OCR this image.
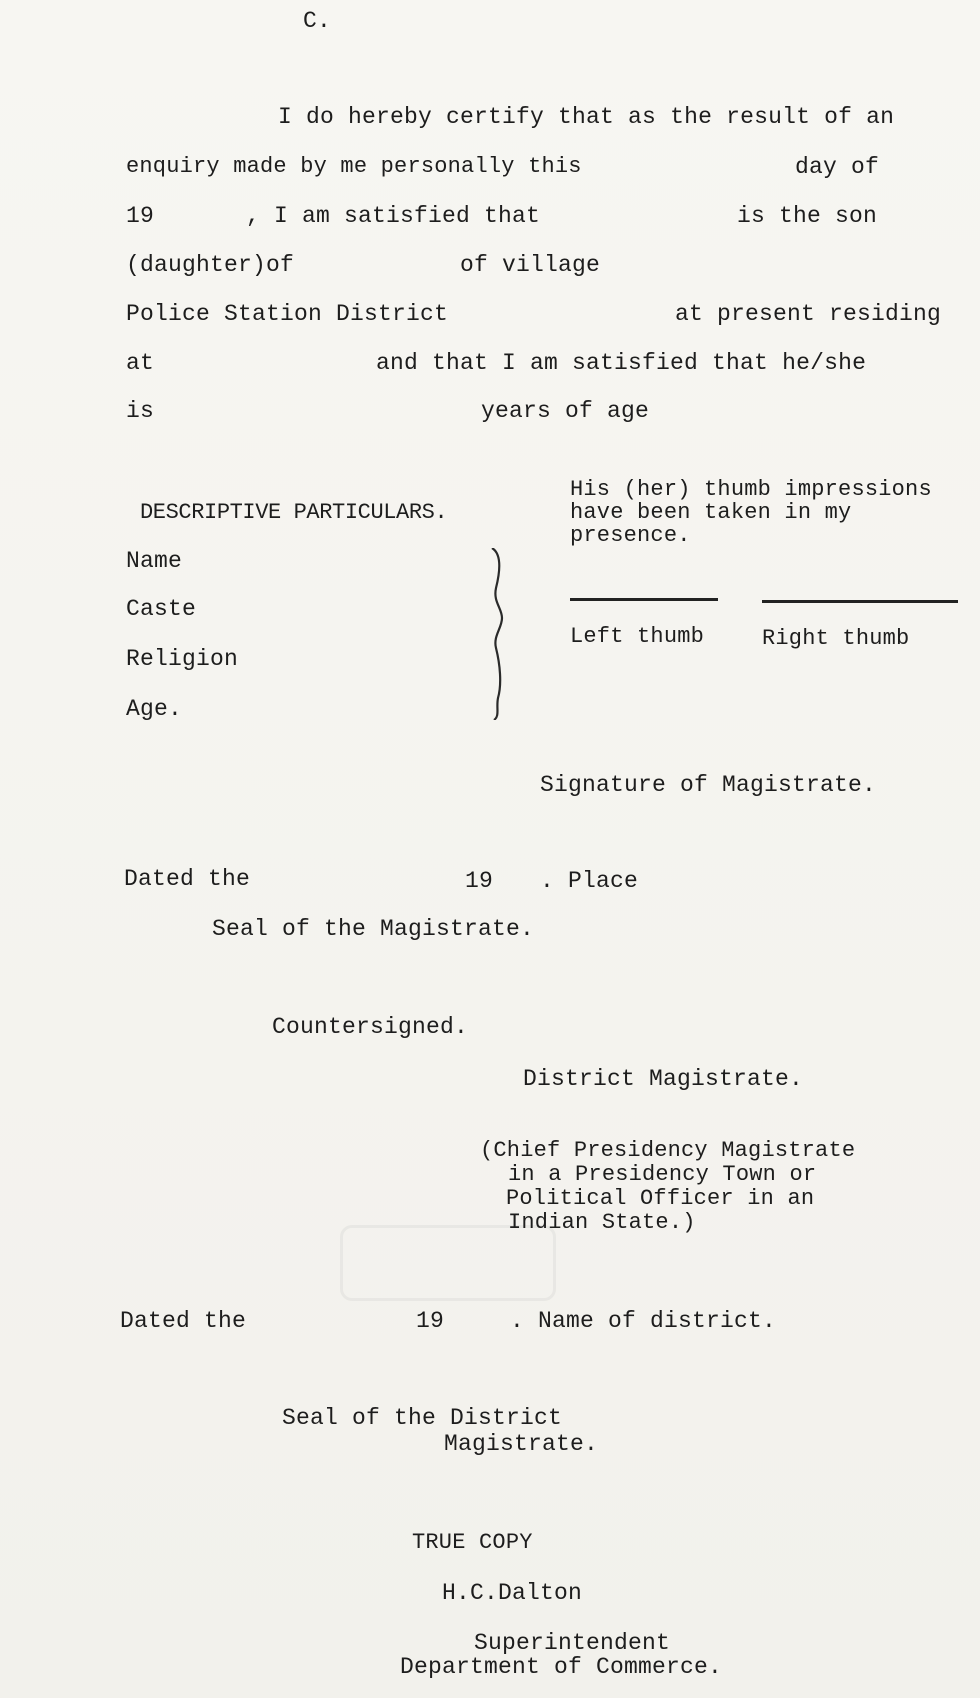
C.
I do hereby certify that as the result of an
enquiry made by me personally this	day of
19	, I am satisfied that	is the son
(daughter)of	of village
Police Station District	at present residing
at	and that I am satisfied that he/she
is	years of age
DESCRIPTIVE PARTICULARS.
Name
Caste
Religion
Age.
His (her) thumb impressions
have been taken in my
presence.
Left thumb	Right thumb
Signature of Magistrate.
Dated the	19 . Place
Seal of the Magistrate.
Countersigned.
District Magistrate.
(Chief Presidency Magistrate
in a Presidency Town or
Political Officer in an
Indian State.)
Dated the	19	. Name of district.
Seal of the District
Magistrate.
TRUE COPY
H.C.Dalton
Superintendent
Department of Commerce.
